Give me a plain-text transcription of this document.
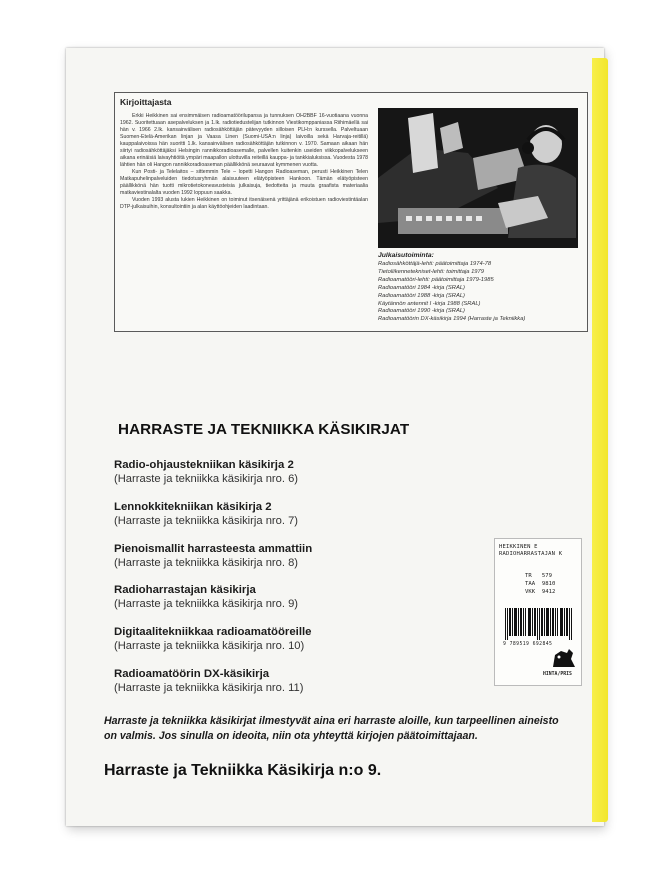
Kirjoittajasta

Erkki Heikkinen sai ensimmäisen radioamatöörilupansa ja tunnuksen OH2BBF 16-vuotiaana vuonna 1962. Suoritettuaan asepalveluksen ja 1.lk. radiotiedustelijan tutkinnon Viestikomppaniassa Riihimäellä sai hän v. 1966 2.lk. kansainvälisen radiosähköttäjän pätevyyden silloisen PLH:n kurssella. Palveltuaan Suomen-Etelä-Amerikan linjan ja Vaasa Linen (Suomi-USA:n linja) laivoilla sekä Harvaja-reitillä) kauppalaivoissa hän suoritti 1.lk. kansainvälisen radiosähköttäjän tutkinnon v. 1970. Samaan aikaan hän siirtyi radiosähköttäjäksi Helsingin rannikkoradioasemalle, palvellen kuitenkin useiden viikkopalvelukseen aikana erinäisiä laivayhtiöitä ympäri maapallon ulottuvilla reiteillä kauppa- ja tankkialuksissa. Vuodesta 1978 lähtien hän oli Hangon rannikkoradioaseman päällikkönä seuraavat kymmenen vuotta.

Kun Posti- ja Telelaitos – sittemmin Tele – lopetti Hangon Radioaseman, perusti Heikkinen Telen Matkapuhelinpalveluiden tiedotusryhmän alaisuuteen elätyöpisteen Hankoon. Tämän elätyöpisteen päällikkönä hän tuotti mikrotietokoneavusteisia julkaisuja, tiedotteita ja muuta graafista materiaalia matkaviestinalalta vuoden 1992 loppuun saakka.

Vuoden 1993 alusta lukien Heikkinen on toiminut itsenäisenä yrittäjänä erikoistuen radioviestintäalan DTP-julkaisuihin, konsultointiin ja alan käyttöohjeiden laadintaan.

Julkaisutoiminta:
Radiosähköttäjä-lehti: päätoimittaja 1974-78
Tietoliikennetekniset-lehti: toimittaja 1979
Radioamatööri-lehti: päätoimittaja 1979-1985
Radioamatööri 1984 -kirja (SRAL)
Radioamatööri 1988 -kirja (SRAL)
Käytännön antennit I -kirja 1988 (SRAL)
Radioamatööri 1990 -kirja (SRAL)
Radioamatöörin DX-käsikirja 1994 (Harraste ja Tekniikka)
HARRASTE JA TEKNIIKKA KÄSIKIRJAT
Radio-ohjaustekniikan käsikirja 2
(Harraste ja tekniikka käsikirja nro. 6)
Lennokkitekniikan käsikirja 2
(Harraste ja tekniikka käsikirja nro. 7)
Pienoismallit harrasteesta ammattiin
(Harraste ja tekniikka käsikirja nro. 8)
Radioharrastajan käsikirja
(Harraste ja tekniikka käsikirja nro. 9)
Digitaalitekniikkaa radioamatööreille
(Harraste ja tekniikka käsikirja nro. 10)
Radioamatöörin DX-käsikirja
(Harraste ja tekniikka käsikirja nro. 11)

Harraste ja tekniikka käsikirjat ilmestyvät aina eri harraste aloille, kun tarpeellinen aineisto on valmis. Jos sinulla on ideoita, niin ota yhteyttä kirjojen päätoimittajaan.

Harraste ja Tekniikka Käsikirja n:o 9.
HEIKKINEN E
RADIOHARRASTAJAN K
TR   579
TAA  9810
VKK  9412
9 789519 692845
HINTA/PRIS
